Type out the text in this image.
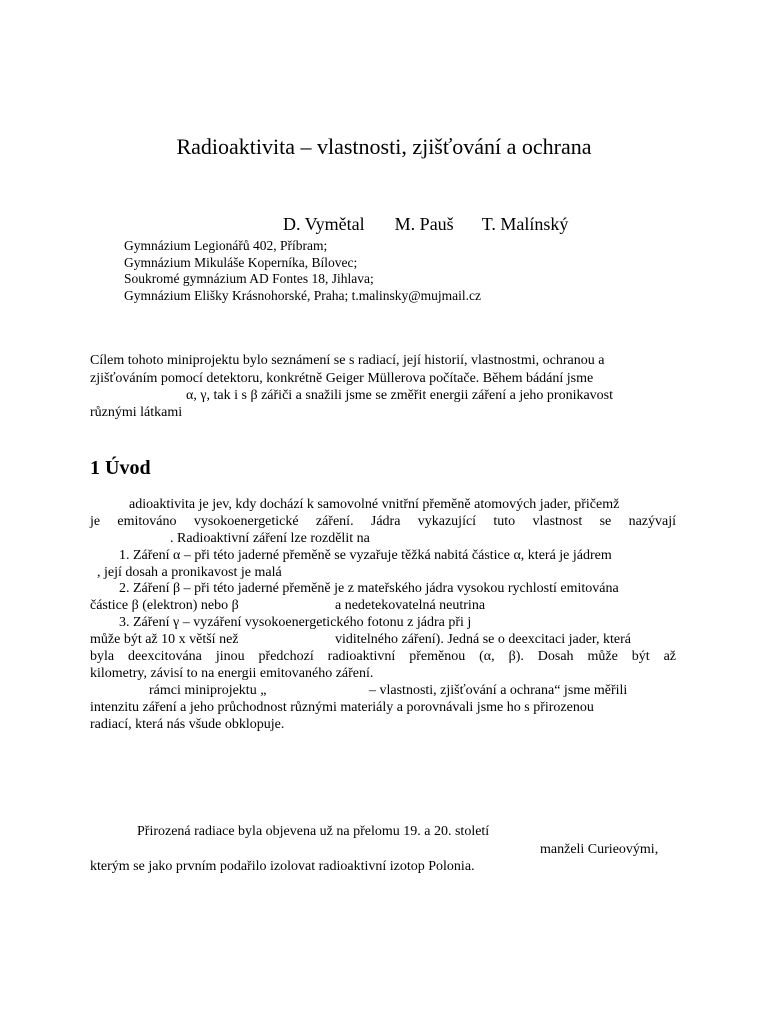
Radioaktivita – vlastnosti, zjišťování a ochrana
D. Vymětal M. Pauš T. Malínský
Gymnázium Legionářů 402, Příbram;
Gymnázium Mikuláše Koperníka, Bílovec;
Soukromé gymnázium AD Fontes 18, Jihlava;
Gymnázium Elišky Krásnohorské, Praha; t.malinsky@mujmail.cz
Cílem tohoto miniprojektu bylo seznámení se s radiací, její historií, vlastnostmi, ochranou a
zjišťováním pomocí detektoru, konkrétně Geiger Müllerova počítače. Během bádání jsme
α, γ, tak i s β zářiči a snažili jsme se změřit energii záření a jeho pronikavost
různými látkami
1 Úvod
adioaktivita je jev, kdy dochází k samovolné vnitřní přeměně atomových jader, přičemž
je emitováno vysokoenergetické záření. Jádra vykazující tuto vlastnost se nazývají
. Radioaktivní záření lze rozdělit na
1. Záření α – při této jaderné přeměně se vyzařuje těžká nabitá částice α, která je jádrem
, její dosah a pronikavost je malá
2. Záření β – při této jaderné přeměně je z mateřského jádra vysokou rychlostí emitována
částice β (elektron) nebo β	a nedetekovatelná neutrina
3. Záření γ – vyzáření vysokoenergetického fotonu z jádra při j
může být až 10 x větší než	viditelného záření). Jedná se o deexcitaci jader, která
byla deexcitována jinou předchozí radioaktivní přeměnou (α, β). Dosah může být až
kilometry, závisí to na energii emitovaného záření.
rámci miniprojektu „	– vlastnosti, zjišťování a ochrana“ jsme měřili
intenzitu záření a jeho průchodnost různými materiály a porovnávali jsme ho s přirozenou
radiací, která nás všude obklopuje.
Přirozená radiace byla objevena už na přelomu 19. a 20. století
manželi Curieovými,
kterým se jako prvním podařilo izolovat radioaktivní izotop Polonia.
